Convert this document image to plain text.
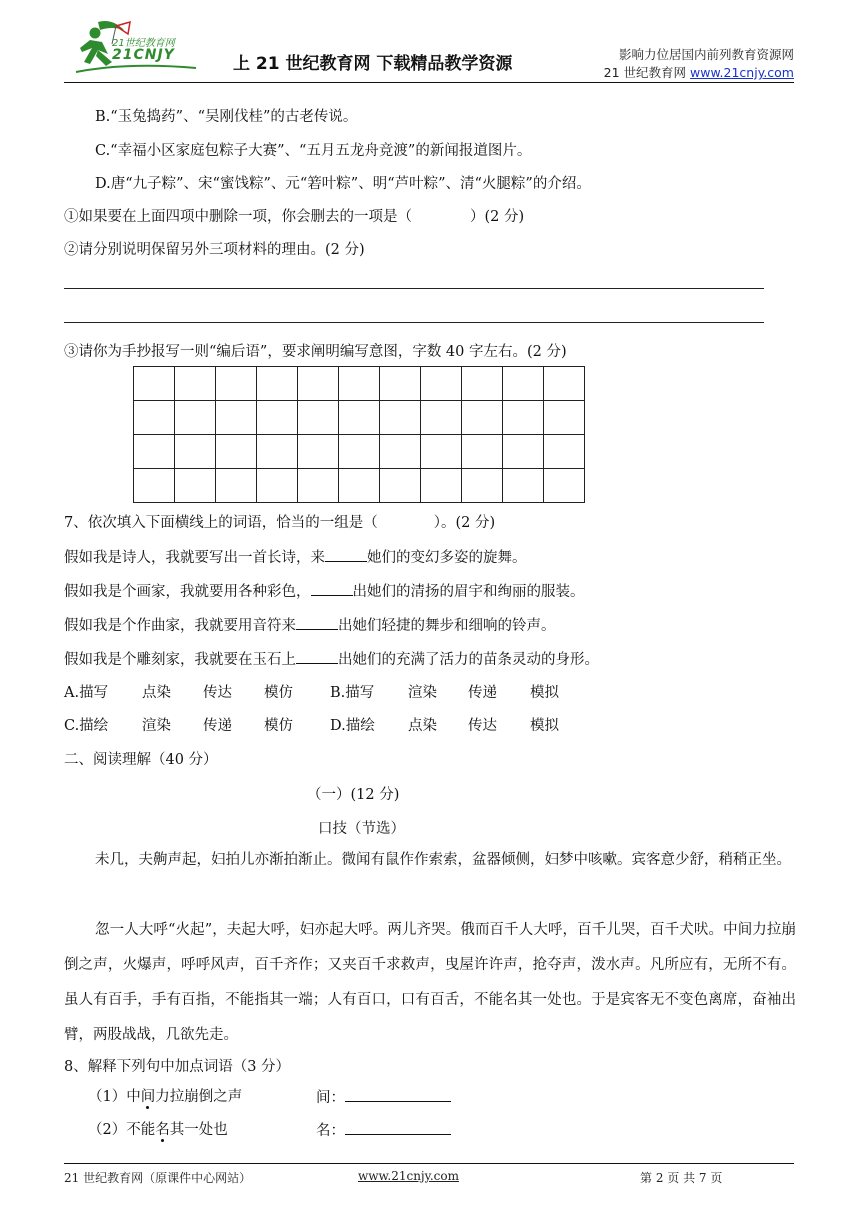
21世纪教育网
21CNJY	上 21 世纪教育网 下载精品教学资源	影响力位居国内前列教育资源网
21 世纪教育网 www.21cnjy.com
B.“玉兔捣药”、“吴刚伐桂”的古老传说。
C.“幸福小区家庭包粽子大赛”、“五月五龙舟竞渡”的新闻报道图片。
D.唐“九子粽”、宋“蜜饯粽”、元“箬叶粽”、明“芦叶粽”、清“火腿粽”的介绍。
①如果要在上面四项中删除一项，你会删去的一项是（	）(2 分)
②请分别说明保留另外三项材料的理由。(2 分)
③请你为手抄报写一则“编后语”，要求阐明编写意图，字数 40 字左右。(2 分)

7、依次填入下面横线上的词语，恰当的一组是（	）。(2 分)
假如我是诗人，我就要写出一首长诗，来	她们的变幻多姿的旋舞。
假如我是个画家，我就要用各种彩色，	出她们的清扬的眉宇和绚丽的服装。
假如我是个作曲家，我就要用音符来	出她们轻捷的舞步和细响的铃声。
假如我是个雕刻家，我就要在玉石上	出她们的充满了活力的苗条灵动的身形。
A.描写 点染 传达 模仿	B.描写 渲染 传递 模拟
C.描绘 渲染 传递 模仿	D.描绘 点染 传达 模拟
二、阅读理解（40 分）
（一）(12 分)
口技（节选）
未几，夫齁声起，妇拍儿亦渐拍渐止。微闻有鼠作作索索，盆器倾侧，妇梦中咳嗽。宾客意少舒，稍稍正坐。
忽一人大呼“火起”，夫起大呼，妇亦起大呼。两儿齐哭。俄而百千人大呼，百千儿哭，百千犬吠。中间力拉崩倒之声，火爆声，呼呼风声，百千齐作；又夹百千求救声，曳屋许许声，抢夺声，泼水声。凡所应有，无所不有。虽人有百手，手有百指，不能指其一端；人有百口，口有百舌，不能名其一处也。于是宾客无不变色离席，奋袖出臂，两股战战，几欲先走。
8、解释下列句中加点词语（3 分）
（1）中间力拉崩倒之声	间：
（2）不能名其一处也	名：
21 世纪教育网（原课件中心网站）	www.21cnjy.com	第 2 页 共 7 页
